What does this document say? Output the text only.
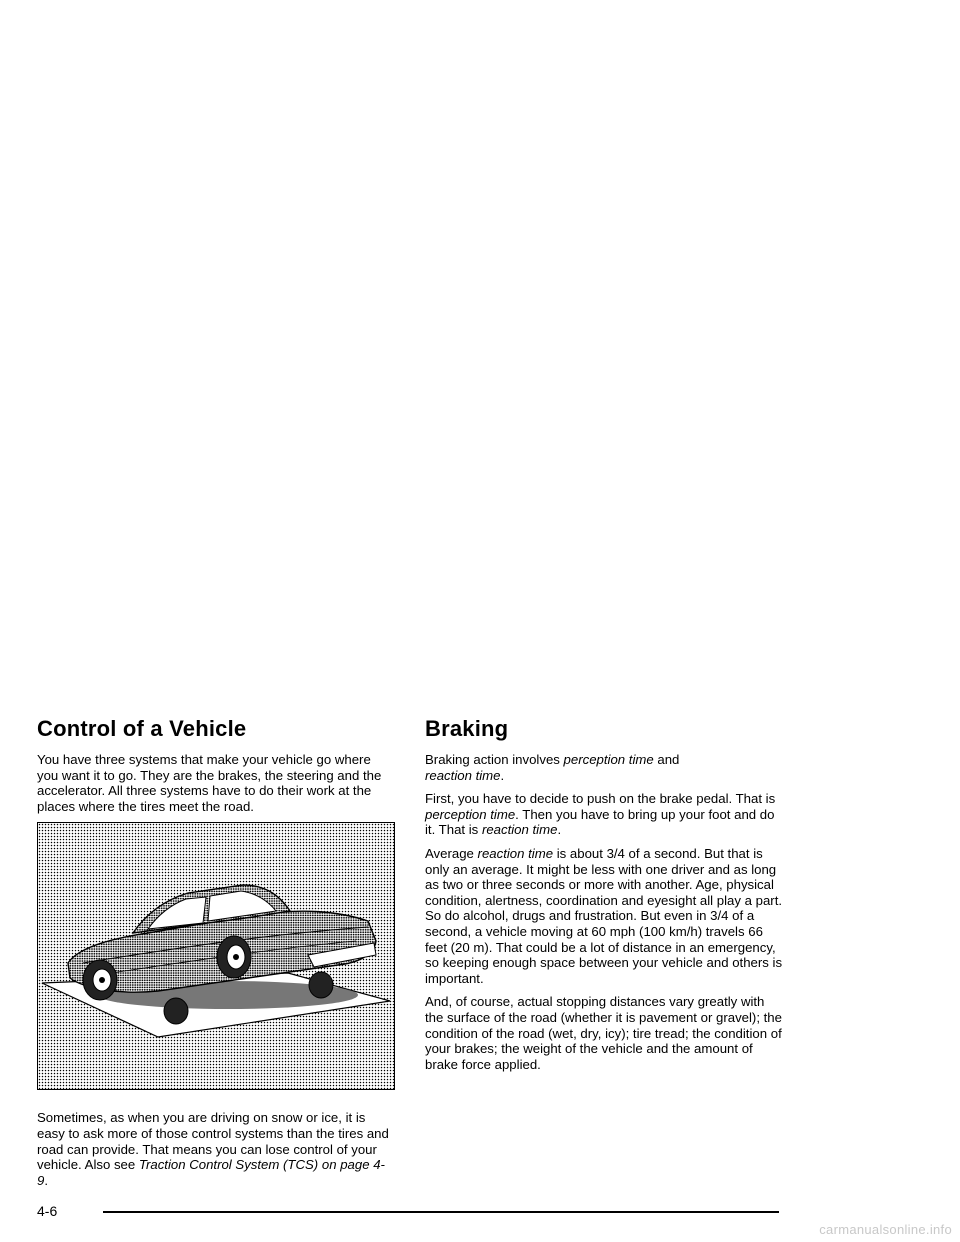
Control of a Vehicle

You have three systems that make your vehicle go where you want it to go. They are the brakes, the steering and the accelerator. All three systems have to do their work at the places where the tires meet the road.

Sometimes, as when you are driving on snow or ice, it is easy to ask more of those control systems than the tires and road can provide. That means you can lose control of your vehicle. Also see Traction Control System (TCS) on page 4-9.

Braking

Braking action involves perception time and
reaction time.

First, you have to decide to push on the brake pedal. That is perception time. Then you have to bring up your foot and do it. That is reaction time.

Average reaction time is about 3/4 of a second. But that is only an average. It might be less with one driver and as long as two or three seconds or more with another. Age, physical condition, alertness, coordination and eyesight all play a part. So do alcohol, drugs and frustration. But even in 3/4 of a second, a vehicle moving at 60 mph (100 km/h) travels 66 feet (20 m). That could be a lot of distance in an emergency, so keeping enough space between your vehicle and others is important.

And, of course, actual stopping distances vary greatly with the surface of the road (whether it is pavement or gravel); the condition of the road (wet, dry, icy); tire tread; the condition of your brakes; the weight of the vehicle and the amount of brake force applied.

4-6
carmanualsonline.info
